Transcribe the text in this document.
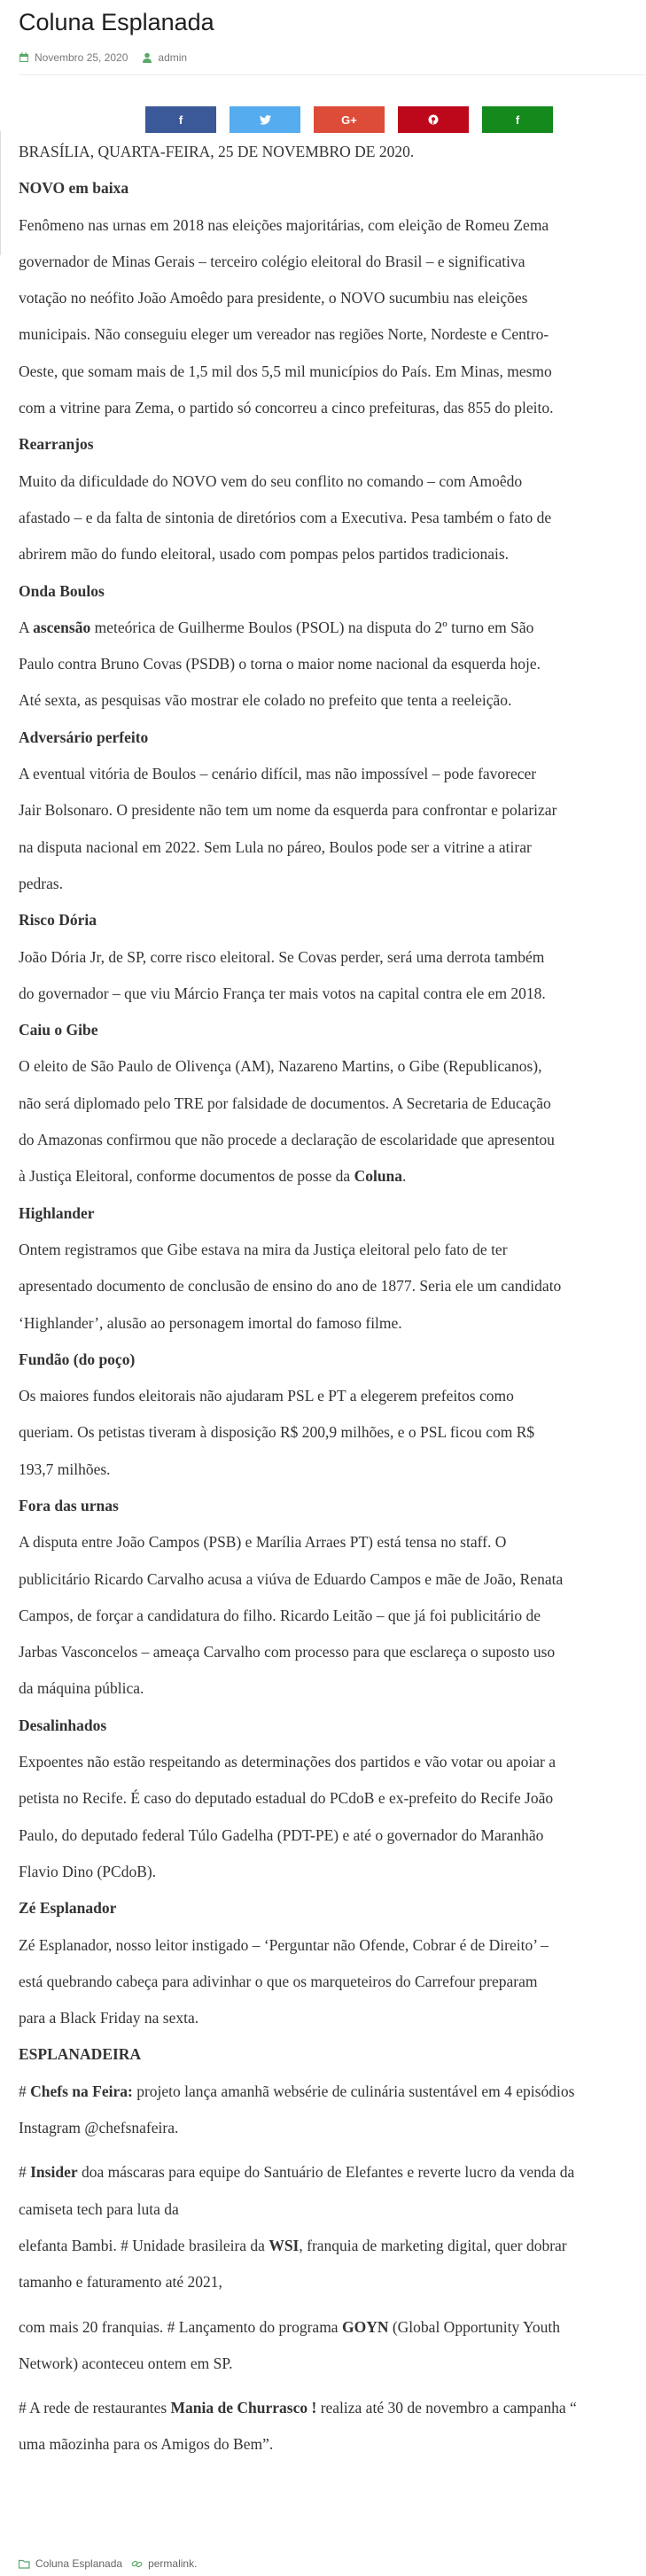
Coluna Esplanada
Novembro 25, 2020	admin
f	G+	f

BRASÍLIA, QUARTA-FEIRA, 25 DE NOVEMBRO DE 2020.

NOVO em baixa

Fenômeno nas urnas em 2018 nas eleições majoritárias, com eleição de Romeu Zema

governador de Minas Gerais – terceiro colégio eleitoral do Brasil – e significativa

votação no neófito João Amoêdo para presidente, o NOVO sucumbiu nas eleições

municipais. Não conseguiu eleger um vereador nas regiões Norte, Nordeste e Centro-

Oeste, que somam mais de 1,5 mil dos 5,5 mil municípios do País. Em Minas, mesmo

com a vitrine para Zema, o partido só concorreu a cinco prefeituras, das 855 do pleito.

Rearranjos

Muito da dificuldade do NOVO vem do seu conflito no comando – com Amoêdo

afastado – e da falta de sintonia de diretórios com a Executiva. Pesa também o fato de

abrirem mão do fundo eleitoral, usado com pompas pelos partidos tradicionais.

Onda Boulos

A ascensão meteórica de Guilherme Boulos (PSOL) na disputa do 2º turno em São

Paulo contra Bruno Covas (PSDB) o torna o maior nome nacional da esquerda hoje.

Até sexta, as pesquisas vão mostrar ele colado no prefeito que tenta a reeleição.

Adversário perfeito

A eventual vitória de Boulos – cenário difícil, mas não impossível – pode favorecer

Jair Bolsonaro. O presidente não tem um nome da esquerda para confrontar e polarizar

na disputa nacional em 2022. Sem Lula no páreo, Boulos pode ser a vitrine a atirar

pedras.

Risco Dória

João Dória Jr, de SP, corre risco eleitoral. Se Covas perder, será uma derrota também

do governador – que viu Márcio França ter mais votos na capital contra ele em 2018.

Caiu o Gibe

O eleito de São Paulo de Olivença (AM), Nazareno Martins, o Gibe (Republicanos),

não será diplomado pelo TRE por falsidade de documentos. A Secretaria de Educação

do Amazonas confirmou que não procede a declaração de escolaridade que apresentou

à Justiça Eleitoral, conforme documentos de posse da Coluna.

Highlander

Ontem registramos que Gibe estava na mira da Justiça eleitoral pelo fato de ter

apresentado documento de conclusão de ensino do ano de 1877. Seria ele um candidato

‘Highlander’, alusão ao personagem imortal do famoso filme.

Fundão (do poço)

Os maiores fundos eleitorais não ajudaram PSL e PT a elegerem prefeitos como

queriam. Os petistas tiveram à disposição R$ 200,9 milhões, e o PSL ficou com R$

193,7 milhões.

Fora das urnas

A disputa entre João Campos (PSB) e Marília Arraes PT) está tensa no staff. O

publicitário Ricardo Carvalho acusa a viúva de Eduardo Campos e mãe de João, Renata

Campos, de forçar a candidatura do filho. Ricardo Leitão – que já foi publicitário de

Jarbas Vasconcelos – ameaça Carvalho com processo para que esclareça o suposto uso

da máquina pública.

Desalinhados

Expoentes não estão respeitando as determinações dos partidos e vão votar ou apoiar a

petista no Recife. É caso do deputado estadual do PCdoB e ex-prefeito do Recife João

Paulo, do deputado federal Túlo Gadelha (PDT-PE) e até o governador do Maranhão

Flavio Dino (PCdoB).

Zé Esplanador

Zé Esplanador, nosso leitor instigado – ‘Perguntar não Ofende, Cobrar é de Direito’ –

está quebrando cabeça para adivinhar o que os marqueteiros do Carrefour preparam

para a Black Friday na sexta.

ESPLANADEIRA

# Chefs na Feira: projeto lança amanhã websérie de culinária sustentável em 4 episódios

Instagram @chefsnafeira.

# Insider doa máscaras para equipe do Santuário de Elefantes e reverte lucro da venda da

camiseta tech para luta da

elefanta Bambi. # Unidade brasileira da WSI, franquia de marketing digital, quer dobrar

tamanho e faturamento até 2021,

com mais 20 franquias. # Lançamento do programa GOYN (Global Opportunity Youth

Network) aconteceu ontem em SP.

# A rede de restaurantes Mania de Churrasco ! realiza até 30 de novembro a campanha “

uma mãozinha para os Amigos do Bem”.

Coluna Esplanada permalink.
